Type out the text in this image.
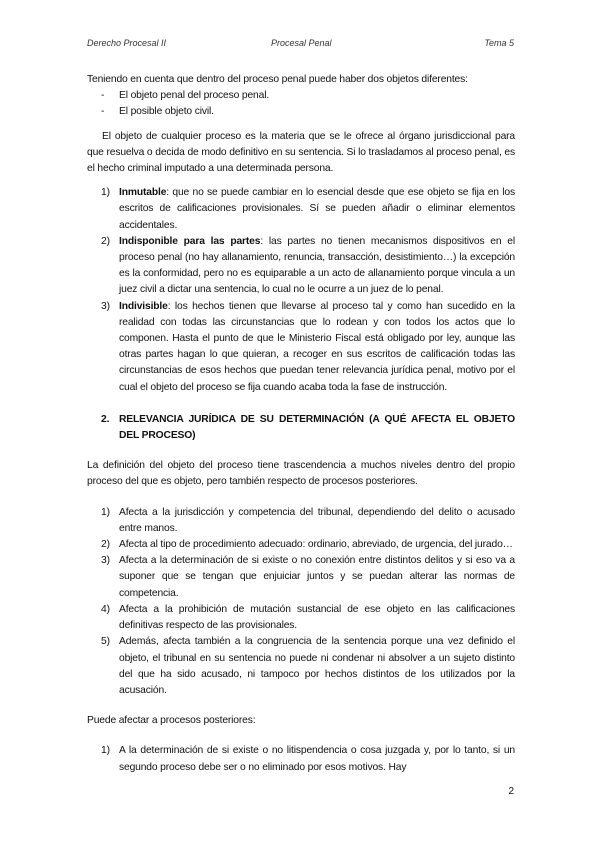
Derecho Procesal II	Procesal Penal	Tema 5

Teniendo en cuenta que dentro del proceso penal puede haber dos objetos diferentes:

- El objeto penal del proceso penal.
- El posible objeto civil.

El objeto de cualquier proceso es la materia que se le ofrece al órgano jurisdiccional para que resuelva o decida de modo definitivo en su sentencia. Si lo trasladamos al proceso penal, es el hecho criminal imputado a una determinada persona.

1) Inmutable: que no se puede cambiar en lo esencial desde que ese objeto se fija en los escritos de calificaciones provisionales. Sí se pueden añadir o eliminar elementos accidentales.
2) Indisponible para las partes: las partes no tienen mecanismos dispositivos en el proceso penal (no hay allanamiento, renuncia, transacción, desistimiento…) la excepción es la conformidad, pero no es equiparable a un acto de allanamiento porque vincula a un juez civil a dictar una sentencia, lo cual no le ocurre a un juez de lo penal.
3) Indivisible: los hechos tienen que llevarse al proceso tal y como han sucedido en la realidad con todas las circunstancias que lo rodean y con todos los actos que lo componen. Hasta el punto de que le Ministerio Fiscal está obligado por ley, aunque las otras partes hagan lo que quieran, a recoger en sus escritos de calificación todas las circunstancias de esos hechos que puedan tener relevancia jurídica penal, motivo por el cual el objeto del proceso se fija cuando acaba toda la fase de instrucción.
2. RELEVANCIA JURÍDICA DE SU DETERMINACIÓN (A QUÉ AFECTA EL OBJETO DEL PROCESO)

La definición del objeto del proceso tiene trascendencia a muchos niveles dentro del propio proceso del que es objeto, pero también respecto de procesos posteriores.

1) Afecta a la jurisdicción y competencia del tribunal, dependiendo del delito o acusado entre manos.
2) Afecta al tipo de procedimiento adecuado: ordinario, abreviado, de urgencia, del jurado…
3) Afecta a la determinación de si existe o no conexión entre distintos delitos y si eso va a suponer que se tengan que enjuiciar juntos y se puedan alterar las normas de competencia.
4) Afecta a la prohibición de mutación sustancial de ese objeto en las calificaciones definitivas respecto de las provisionales.
5) Además, afecta también a la congruencia de la sentencia porque una vez definido el objeto, el tribunal en su sentencia no puede ni condenar ni absolver a un sujeto distinto del que ha sido acusado, ni tampoco por hechos distintos de los utilizados por la acusación.

Puede afectar a procesos posteriores:

1) A la determinación de si existe o no litispendencia o cosa juzgada y, por lo tanto, si un segundo proceso debe ser o no eliminado por esos motivos. Hay
2
